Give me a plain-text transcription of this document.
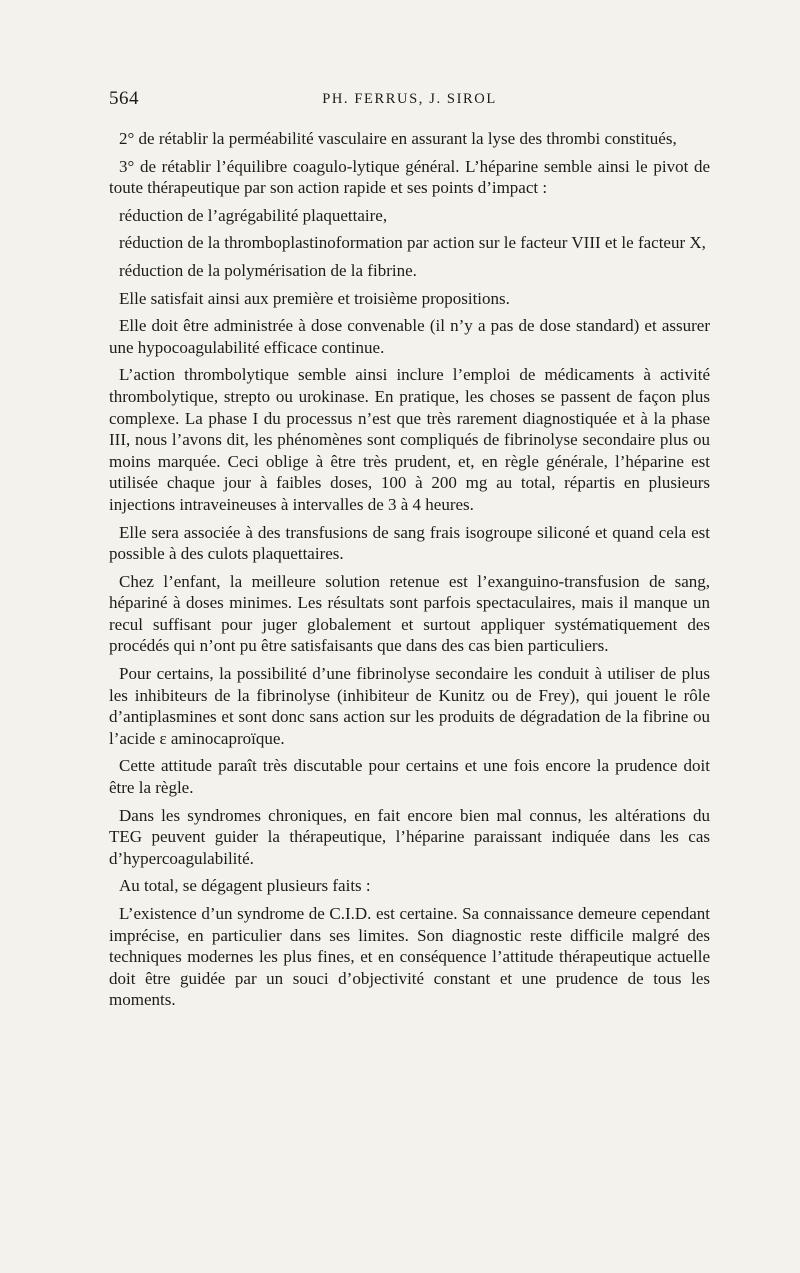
564	PH. FERRUS, J. SIROL

2° de rétablir la perméabilité vasculaire en assurant la lyse des thrombi constitués,

3° de rétablir l’équilibre coagulo-lytique général. L’héparine semble ainsi le pivot de toute thérapeutique par son action rapide et ses points d’impact :

réduction de l’agrégabilité plaquettaire,

réduction de la thromboplastinoformation par action sur le facteur VIII et le facteur X,

réduction de la polymérisation de la fibrine.

Elle satisfait ainsi aux première et troisième propositions.

Elle doit être administrée à dose convenable (il n’y a pas de dose standard) et assurer une hypocoagulabilité efficace continue.

L’action thrombolytique semble ainsi inclure l’emploi de médicaments à activité thrombolytique, strepto ou urokinase. En pratique, les choses se passent de façon plus complexe. La phase I du processus n’est que très rarement diagnostiquée et à la phase III, nous l’avons dit, les phénomènes sont compliqués de fibrinolyse secondaire plus ou moins marquée. Ceci oblige à être très prudent, et, en règle générale, l’héparine est utilisée chaque jour à faibles doses, 100 à 200 mg au total, répartis en plusieurs injections intraveineuses à intervalles de 3 à 4 heures.

Elle sera associée à des transfusions de sang frais isogroupe siliconé et quand cela est possible à des culots plaquettaires.

Chez l’enfant, la meilleure solution retenue est l’exanguino-transfusion de sang, hépariné à doses minimes. Les résultats sont parfois spectaculaires, mais il manque un recul suffisant pour juger globalement et surtout appliquer systématiquement des procédés qui n’ont pu être satisfaisants que dans des cas bien particuliers.

Pour certains, la possibilité d’une fibrinolyse secondaire les conduit à utiliser de plus les inhibiteurs de la fibrinolyse (inhibiteur de Kunitz ou de Frey), qui jouent le rôle d’antiplasmines et sont donc sans action sur les produits de dégradation de la fibrine ou l’acide ε aminocaproïque.

Cette attitude paraît très discutable pour certains et une fois encore la prudence doit être la règle.

Dans les syndromes chroniques, en fait encore bien mal connus, les altérations du TEG peuvent guider la thérapeutique, l’héparine paraissant indiquée dans les cas d’hypercoagulabilité.

Au total, se dégagent plusieurs faits :

L’existence d’un syndrome de C.I.D. est certaine. Sa connaissance demeure cependant imprécise, en particulier dans ses limites. Son diagnostic reste difficile malgré des techniques modernes les plus fines, et en conséquence l’attitude thérapeutique actuelle doit être guidée par un souci d’objectivité constant et une prudence de tous les moments.
